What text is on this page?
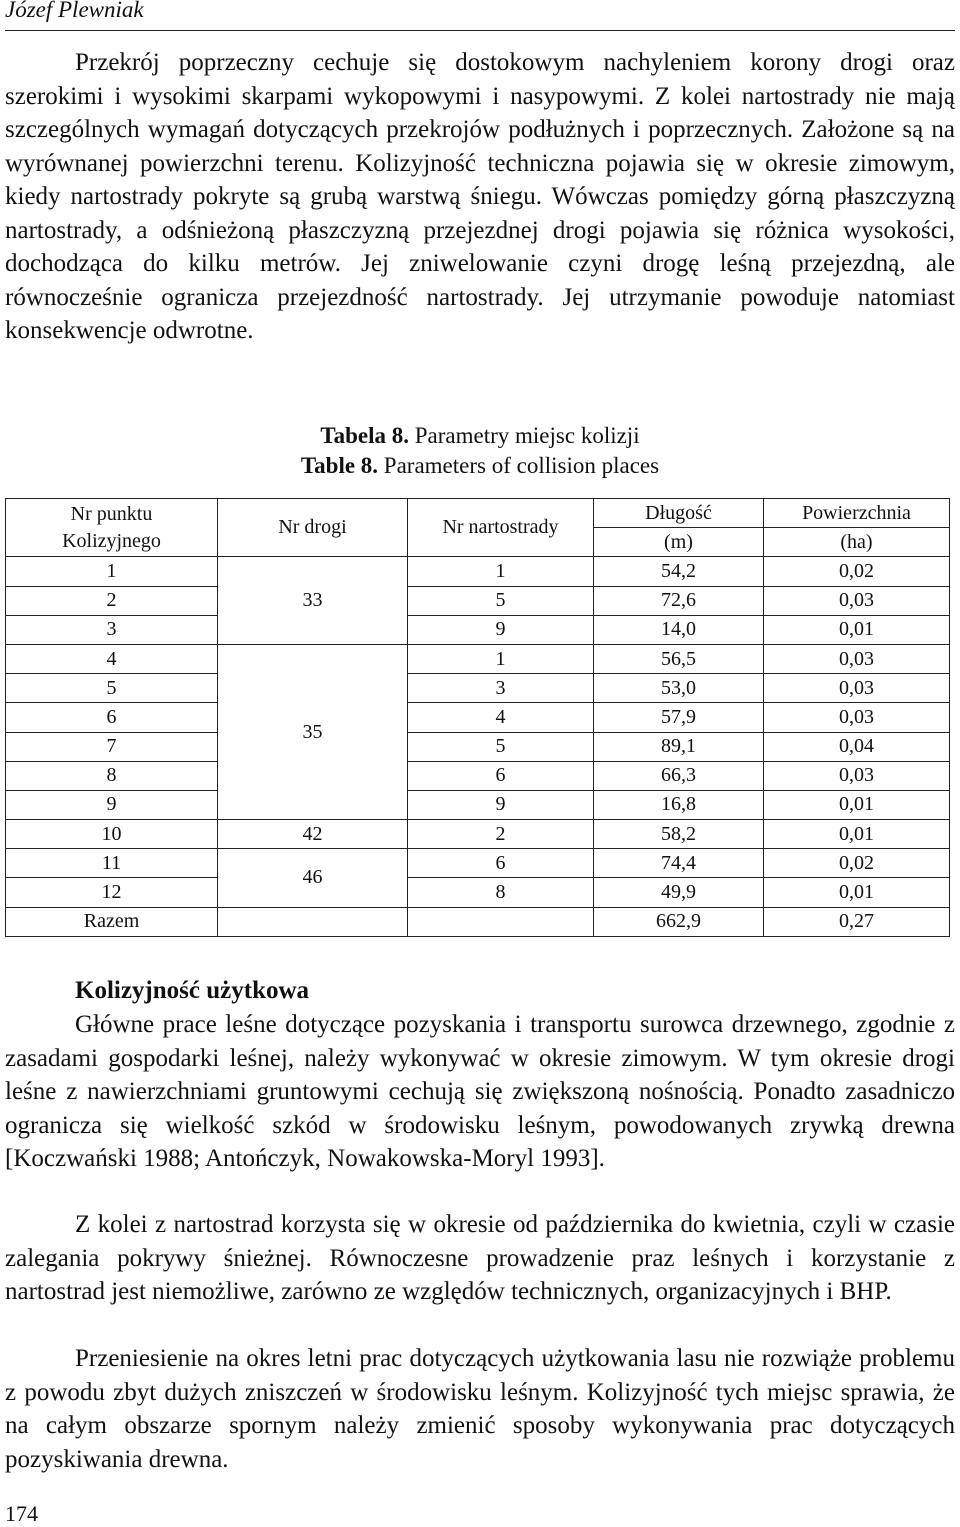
Józef Plewniak

Przekrój poprzeczny cechuje się dostokowym nachyleniem korony drogi oraz szerokimi i wysokimi skarpami wykopowymi i nasypowymi. Z kolei nartostrady nie mają szczególnych wymagań dotyczących przekrojów podłużnych i poprzecznych. Założone są na wyrównanej powierzchni terenu. Kolizyjność techniczna pojawia się w okresie zimowym, kiedy nartostrady pokryte są grubą warstwą śniegu. Wówczas pomiędzy górną płaszczyzną nartostrady, a odśnieżoną płaszczyzną przejezdnej drogi pojawia się różnica wysokości, dochodząca do kilku metrów. Jej zniwelowanie czyni drogę leśną przejezdną, ale równocześnie ogranicza przejezdność nartostrady. Jej utrzymanie powoduje natomiast konsekwencje odwrotne.

Tabela 8. Parametry miejsc kolizji
Table 8. Parameters of collision places
Nr punktu
Kolizyjnego	Nr drogi	Nr nartostrady	Długość	Powierzchnia
			(m)	(ha)
1	33	1	54,2	0,02
2		5	72,6	0,03
3		9	14,0	0,01
4	35	1	56,5	0,03
5		3	53,0	0,03
6		4	57,9	0,03
7		5	89,1	0,04
8		6	66,3	0,03
9		9	16,8	0,01
10	42	2	58,2	0,01
11	46	6	74,4	0,02
12		8	49,9	0,01
Razem			662,9	0,27
Kolizyjność użytkowa

Główne prace leśne dotyczące pozyskania i transportu surowca drzewnego, zgodnie z zasadami gospodarki leśnej, należy wykonywać w okresie zimowym. W tym okresie drogi leśne z nawierzchniami gruntowymi cechują się zwiększoną nośnością. Ponadto zasadniczo ogranicza się wielkość szkód w środowisku leśnym, powodowanych zrywką drewna [Koczwański 1988; Antończyk, Nowakowska-Moryl 1993].

Z kolei z nartostrad korzysta się w okresie od października do kwietnia, czyli w czasie zalegania pokrywy śnieżnej. Równoczesne prowadzenie praz leśnych i korzystanie z nartostrad jest niemożliwe, zarówno ze względów technicznych, organizacyjnych i BHP.

Przeniesienie na okres letni prac dotyczących użytkowania lasu nie rozwiąże problemu z powodu zbyt dużych zniszczeń w środowisku leśnym. Kolizyjność tych miejsc sprawia, że na całym obszarze spornym należy zmienić sposoby wykonywania prac dotyczących pozyskiwania drewna.

174
